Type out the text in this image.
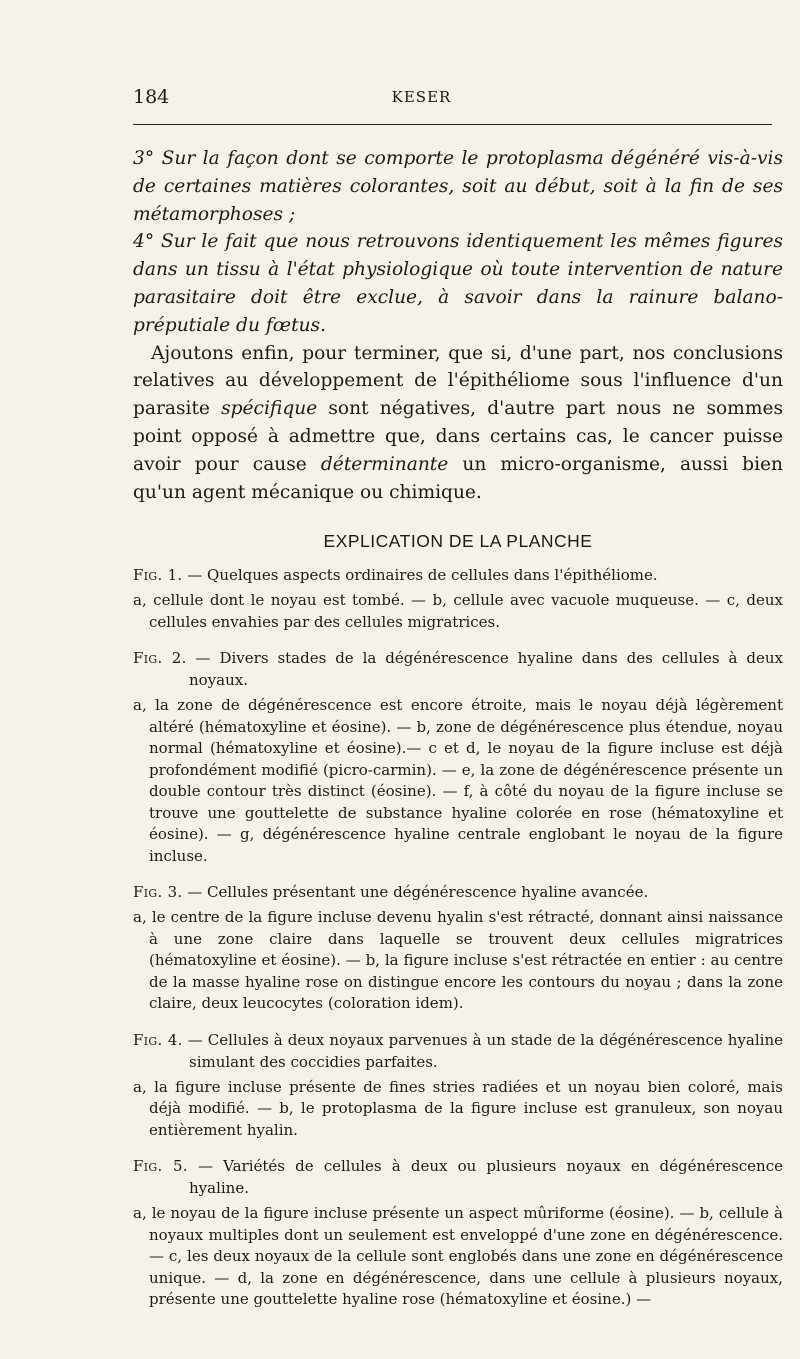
184	KESER

3° Sur la façon dont se comporte le protoplasma dégénéré vis-à-vis de certaines matières colorantes, soit au début, soit à la fin de ses métamorphoses ;

4° Sur le fait que nous retrouvons identiquement les mêmes figures dans un tissu à l'état physiologique où toute intervention de nature parasitaire doit être exclue, à savoir dans la rainure balano-préputiale du fœtus.

Ajoutons enfin, pour terminer, que si, d'une part, nos conclusions relatives au développement de l'épithéliome sous l'influence d'un parasite spécifique sont négatives, d'autre part nous ne sommes point opposé à admettre que, dans certains cas, le cancer puisse avoir pour cause déterminante un micro-organisme, aussi bien qu'un agent mécanique ou chimique.

EXPLICATION DE LA PLANCHE

Fig. 1. — Quelques aspects ordinaires de cellules dans l'épithéliome.

a, cellule dont le noyau est tombé. — b, cellule avec vacuole muqueuse. — c, deux cellules envahies par des cellules migratrices.

Fig. 2. — Divers stades de la dégénérescence hyaline dans des cellules à deux noyaux.

a, la zone de dégénérescence est encore étroite, mais le noyau déjà légèrement altéré (hématoxyline et éosine). — b, zone de dégénérescence plus étendue, noyau normal (hématoxyline et éosine).— c et d, le noyau de la figure incluse est déjà profondément modifié (picro-carmin). — e, la zone de dégénérescence présente un double contour très distinct (éosine). — f, à côté du noyau de la figure incluse se trouve une gouttelette de substance hyaline colorée en rose (hématoxyline et éosine). — g, dégénérescence hyaline centrale englobant le noyau de la figure incluse.

Fig. 3. — Cellules présentant une dégénérescence hyaline avancée.

a, le centre de la figure incluse devenu hyalin s'est rétracté, donnant ainsi naissance à une zone claire dans laquelle se trouvent deux cellules migratrices (hématoxyline et éosine). — b, la figure incluse s'est rétractée en entier : au centre de la masse hyaline rose on distingue encore les contours du noyau ; dans la zone claire, deux leucocytes (coloration idem).

Fig. 4. — Cellules à deux noyaux parvenues à un stade de la dégénérescence hyaline simulant des coccidies parfaites.

a, la figure incluse présente de fines stries radiées et un noyau bien coloré, mais déjà modifié. — b, le protoplasma de la figure incluse est granuleux, son noyau entièrement hyalin.

Fig. 5. — Variétés de cellules à deux ou plusieurs noyaux en dégénérescence hyaline.

a, le noyau de la figure incluse présente un aspect mûriforme (éosine). — b, cellule à noyaux multiples dont un seulement est enveloppé d'une zone en dégénérescence. — c, les deux noyaux de la cellule sont englobés dans une zone en dégénérescence unique. — d, la zone en dégénérescence, dans une cellule à plusieurs noyaux, présente une gouttelette hyaline rose (hématoxyline et éosine.) —
